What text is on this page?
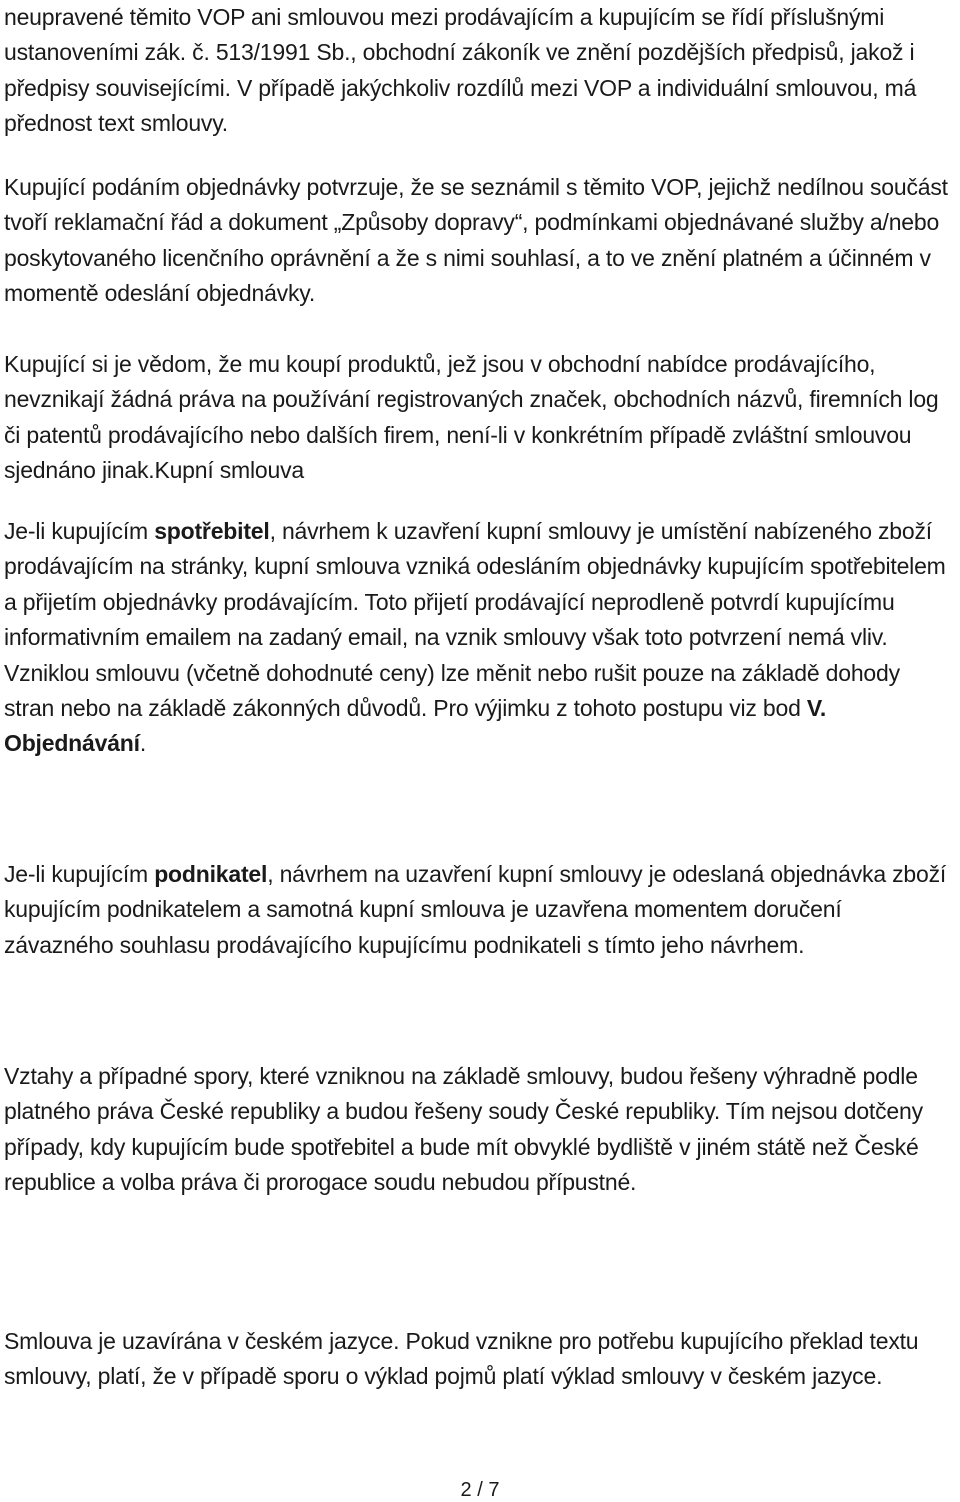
neupravené těmito VOP ani smlouvou mezi prodávajícím a kupujícím se řídí příslušnými ustanoveními zák. č. 513/1991 Sb., obchodní zákoník ve znění pozdějších předpisů, jakož i předpisy souvisejícími. V případě jakýchkoliv rozdílů mezi VOP a individuální smlouvou, má přednost text smlouvy.

Kupující podáním objednávky potvrzuje, že se seznámil s těmito VOP, jejichž nedílnou součást tvoří reklamační řád a dokument „Způsoby dopravy“, podmínkami objednávané služby a/nebo poskytovaného licenčního oprávnění a že s nimi souhlasí, a to ve znění platném a účinném v momentě odeslání objednávky.

Kupující si je vědom, že mu koupí produktů, jež jsou v obchodní nabídce prodávajícího, nevznikají žádná práva na používání registrovaných značek, obchodních názvů, firemních log či patentů prodávajícího nebo dalších firem, není-li v konkrétním případě zvláštní smlouvou sjednáno jinak.Kupní smlouva

Je-li kupujícím spotřebitel, návrhem k uzavření kupní smlouvy je umístění nabízeného zboží prodávajícím na stránky, kupní smlouva vzniká odesláním objednávky kupujícím spotřebitelem a přijetím objednávky prodávajícím. Toto přijetí prodávající neprodleně potvrdí kupujícímu informativním emailem na zadaný email, na vznik smlouvy však toto potvrzení nemá vliv. Vzniklou smlouvu (včetně dohodnuté ceny) lze měnit nebo rušit pouze na základě dohody stran nebo na základě zákonných důvodů. Pro výjimku z tohoto postupu viz bod V. Objednávání.

Je-li kupujícím podnikatel, návrhem na uzavření kupní smlouvy je odeslaná objednávka zboží kupujícím podnikatelem a samotná kupní smlouva je uzavřena momentem doručení závazného souhlasu prodávajícího kupujícímu podnikateli s tímto jeho návrhem.

Vztahy a případné spory, které vzniknou na základě smlouvy, budou řešeny výhradně podle platného práva České republiky a budou řešeny soudy České republiky. Tím nejsou dotčeny případy, kdy kupujícím bude spotřebitel a bude mít obvyklé bydliště v jiném státě než České republice a volba práva či prorogace soudu nebudou přípustné.

Smlouva je uzavírána v českém jazyce. Pokud vznikne pro potřebu kupujícího překlad textu smlouvy, platí, že v případě sporu o výklad pojmů platí výklad smlouvy v českém jazyce.

2 / 7
